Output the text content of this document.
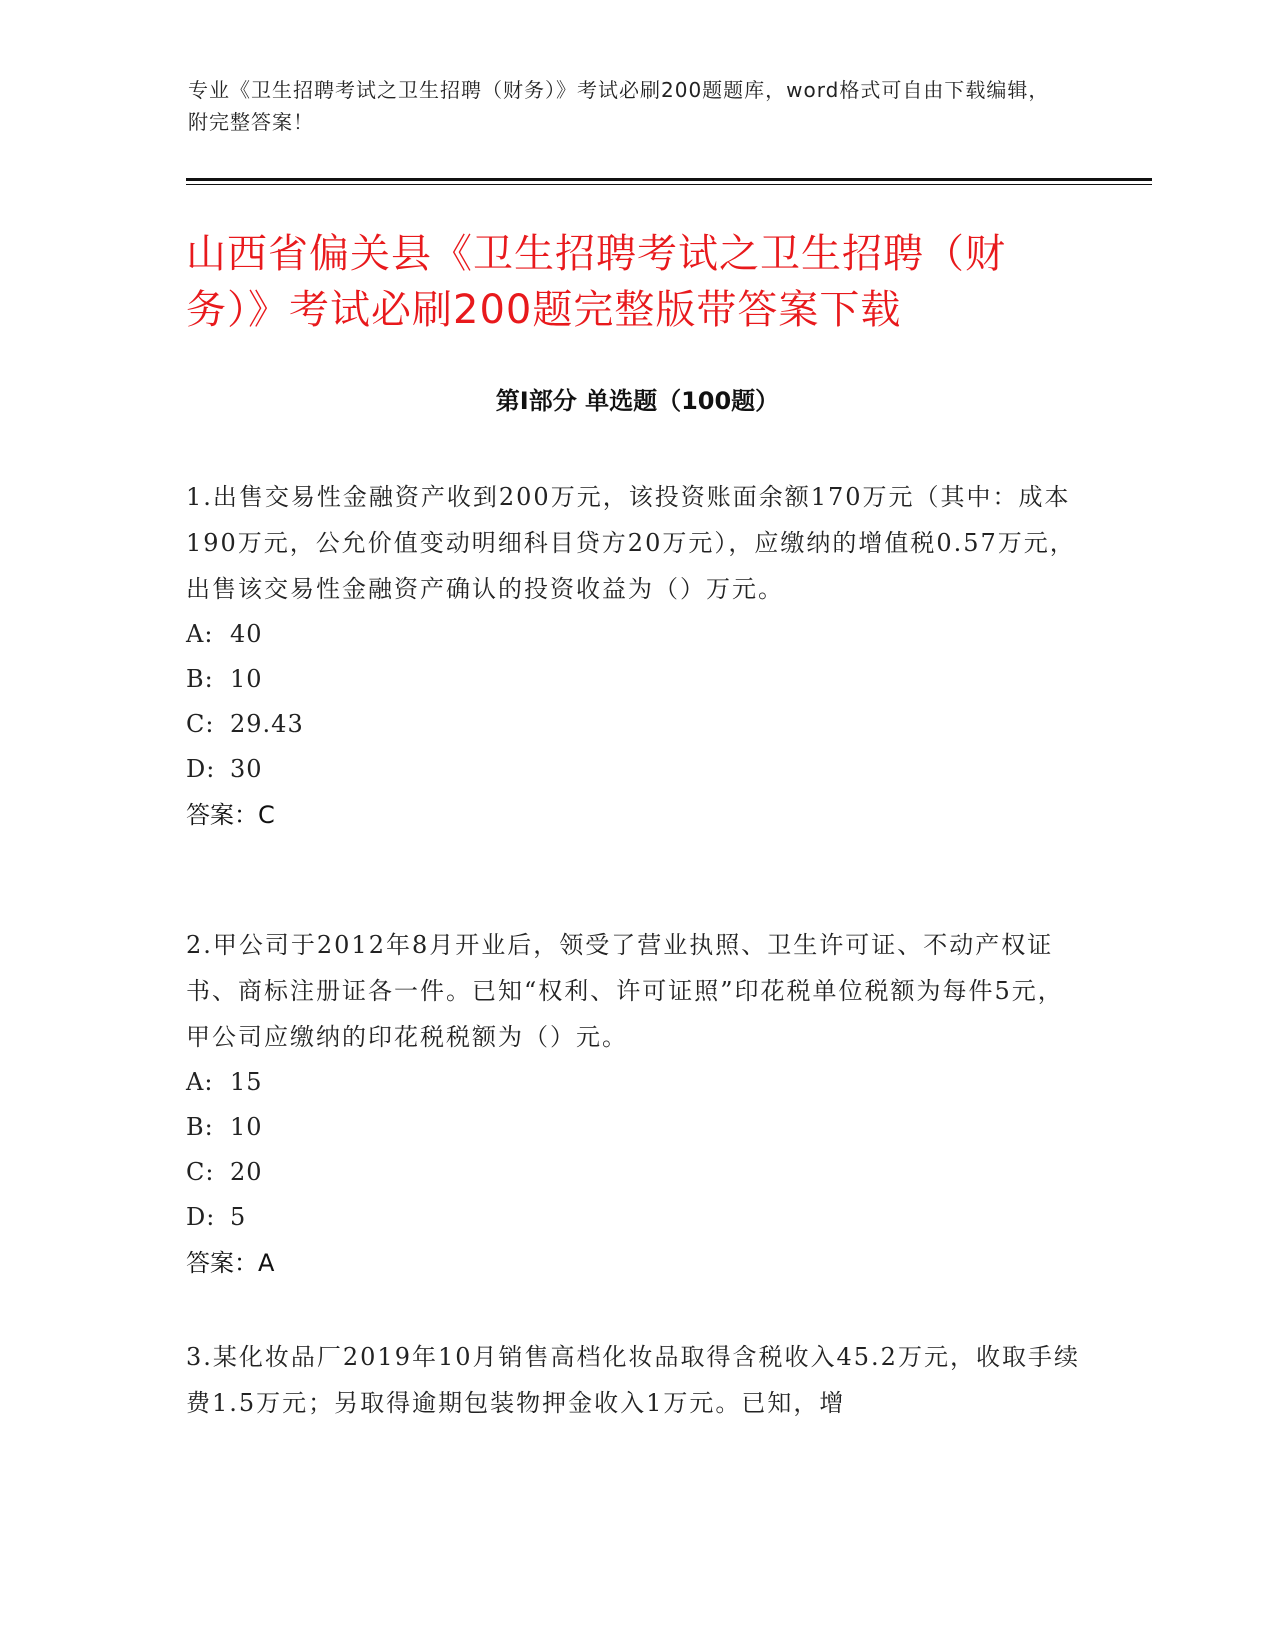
专业《卫生招聘考试之卫生招聘（财务）》考试必刷200题题库，word格式可自由下载编辑，附完整答案！
山西省偏关县《卫生招聘考试之卫生招聘（财务）》考试必刷200题完整版带答案下载
第Ⅰ部分 单选题（100题）
1.出售交易性金融资产收到200万元，该投资账面余额170万元（其中：成本190万元，公允价值变动明细科目贷方20万元），应缴纳的增值税0.57万元，出售该交易性金融资产确认的投资收益为（）万元。
A: 40
B: 10
C: 29.43
D: 30
答案：C
2.甲公司于2012年8月开业后，领受了营业执照、卫生许可证、不动产权证书、商标注册证各一件。已知“权利、许可证照”印花税单位税额为每件5元，甲公司应缴纳的印花税税额为（）元。
A: 15
B: 10
C: 20
D: 5
答案：A
3.某化妆品厂2019年10月销售高档化妆品取得含税收入45.2万元，收取手续费1.5万元；另取得逾期包装物押金收入1万元。已知，增
